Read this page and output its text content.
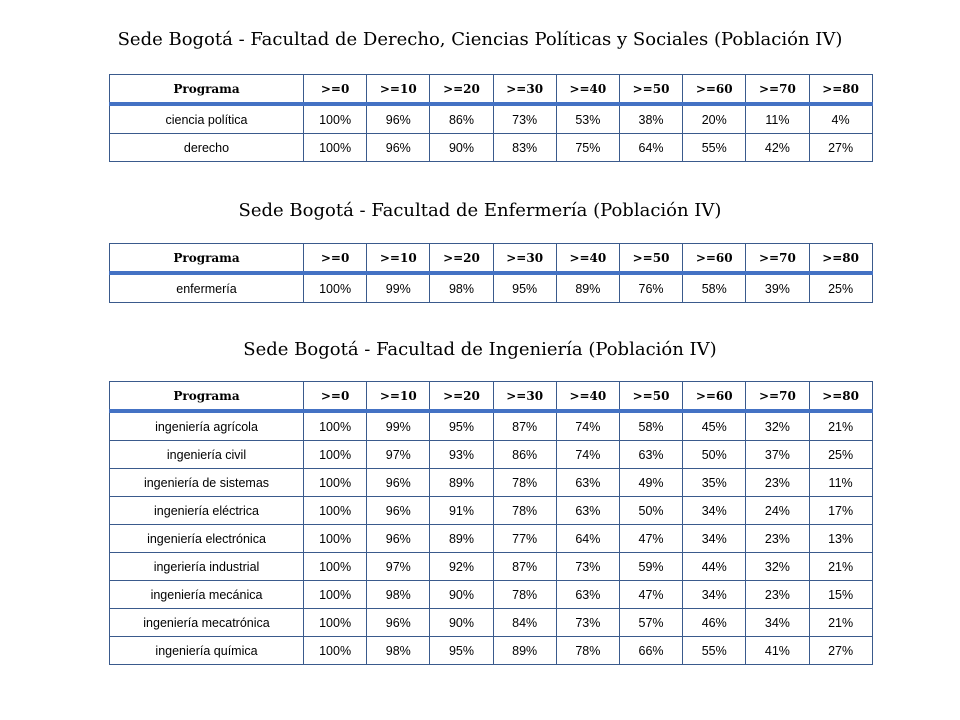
Sede Bogotá - Facultad de Derecho, Ciencias Políticas y Sociales (Población IV)
Programa	>=0	>=10	>=20	>=30	>=40	>=50	>=60	>=70	>=80
ciencia política	100%	96%	86%	73%	53%	38%	20%	11%	4%
derecho	100%	96%	90%	83%	75%	64%	55%	42%	27%
Sede Bogotá - Facultad de Enfermería (Población IV)
Programa	>=0	>=10	>=20	>=30	>=40	>=50	>=60	>=70	>=80
enfermería	100%	99%	98%	95%	89%	76%	58%	39%	25%
Sede Bogotá - Facultad de Ingeniería (Población IV)
Programa	>=0	>=10	>=20	>=30	>=40	>=50	>=60	>=70	>=80
ingeniería agrícola	100%	99%	95%	87%	74%	58%	45%	32%	21%
ingeniería civil	100%	97%	93%	86%	74%	63%	50%	37%	25%
ingeniería de sistemas	100%	96%	89%	78%	63%	49%	35%	23%	11%
ingeniería eléctrica	100%	96%	91%	78%	63%	50%	34%	24%	17%
ingeniería electrónica	100%	96%	89%	77%	64%	47%	34%	23%	13%
ingeriería industrial	100%	97%	92%	87%	73%	59%	44%	32%	21%
ingeniería mecánica	100%	98%	90%	78%	63%	47%	34%	23%	15%
ingeniería mecatrónica	100%	96%	90%	84%	73%	57%	46%	34%	21%
ingeniería química	100%	98%	95%	89%	78%	66%	55%	41%	27%
